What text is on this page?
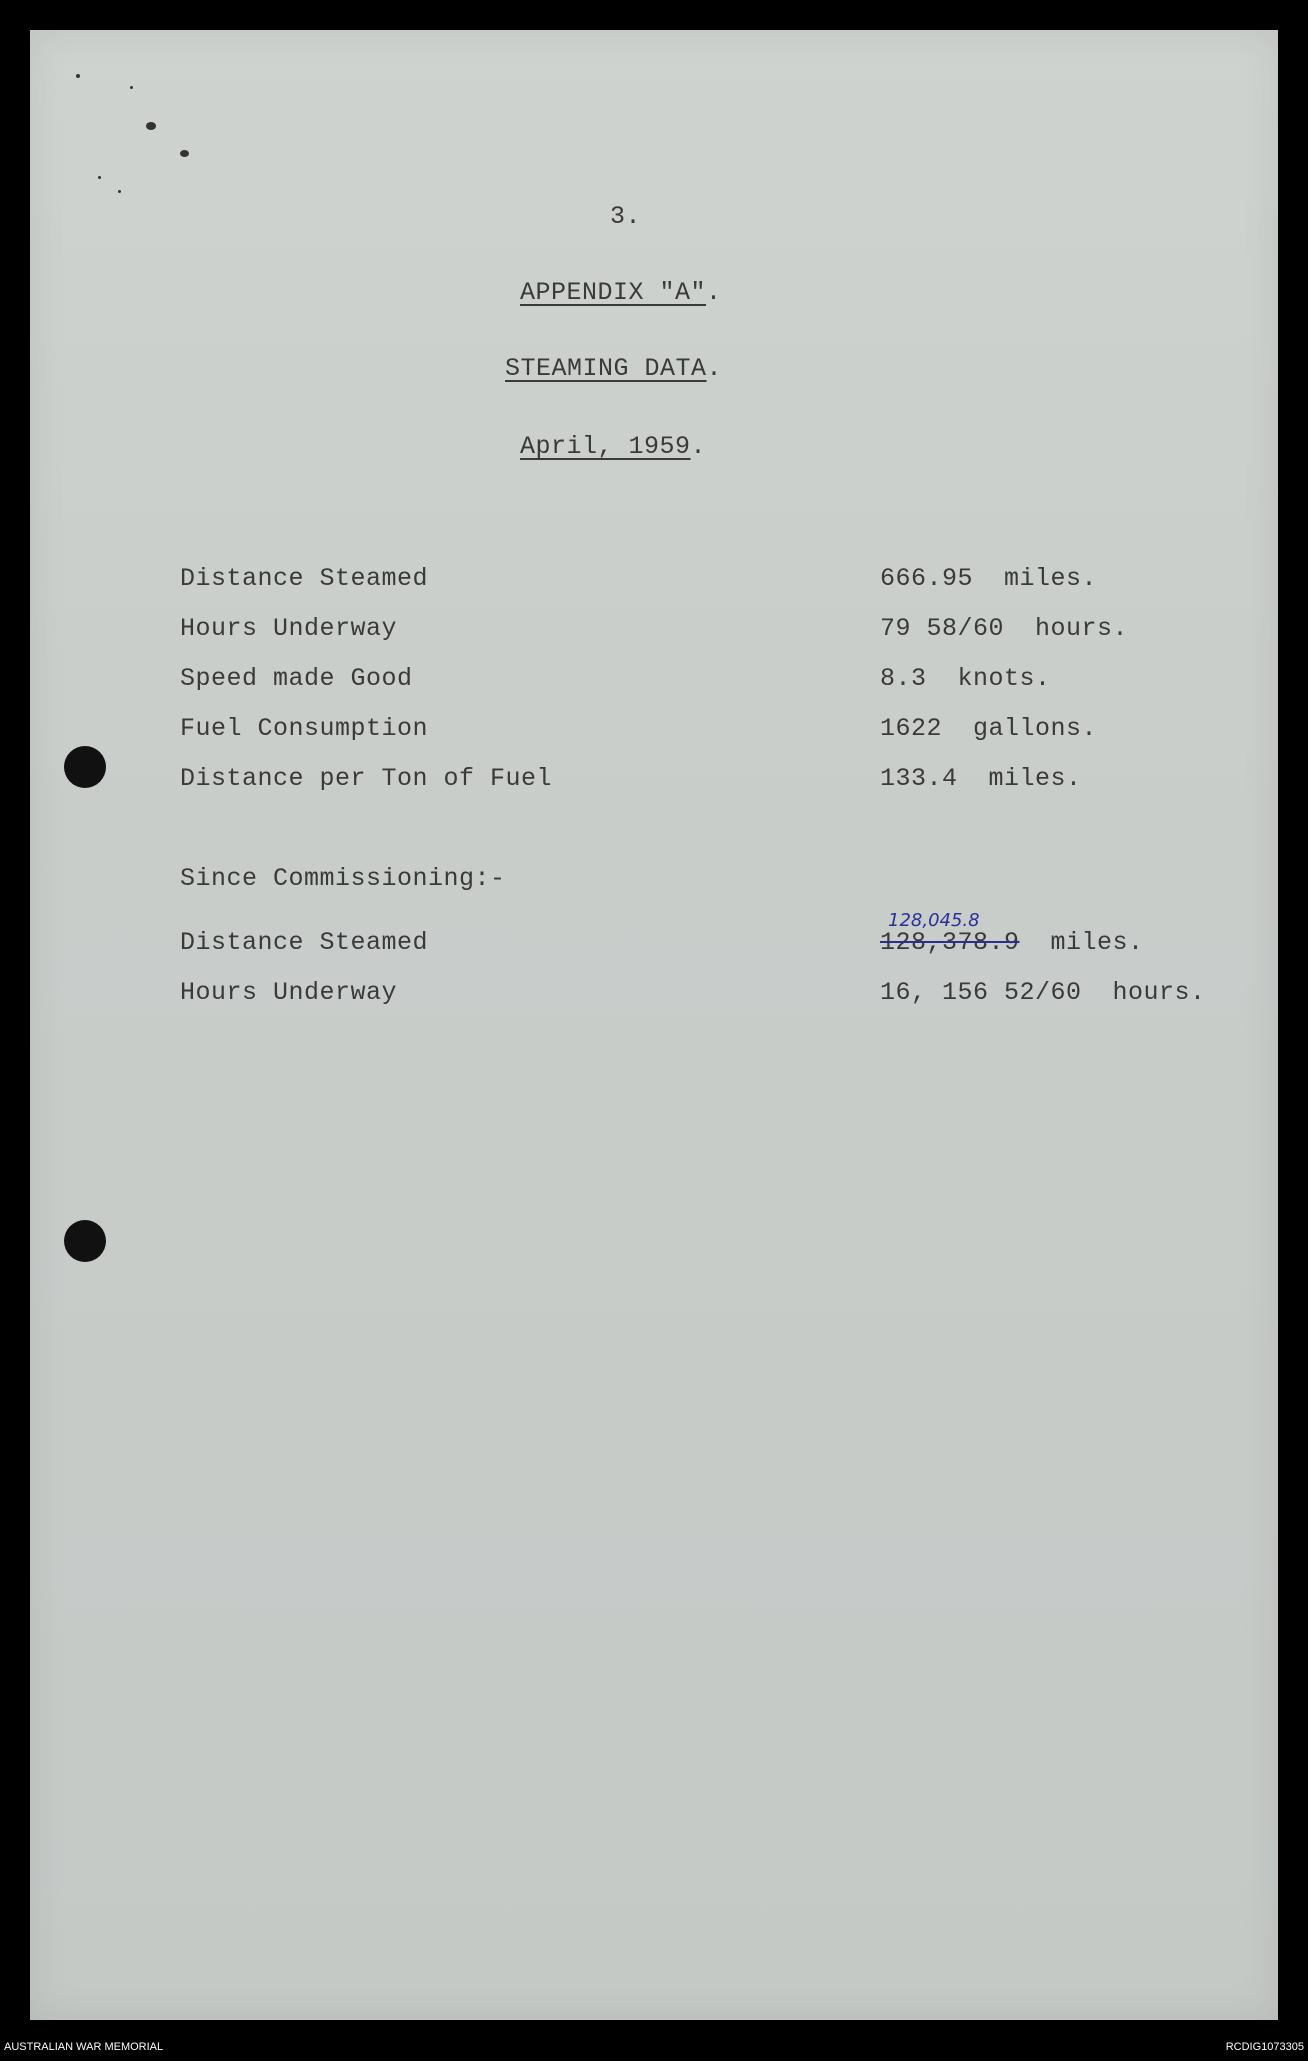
3.
APPENDIX "A".
STEAMING DATA.
April, 1959.
Distance Steamed	666.95  miles.
Hours Underway	79 58/60  hours.
Speed made Good	8.3  knots.
Fuel Consumption	1622  gallons.
Distance per Ton of Fuel	133.4  miles.
Since Commissioning:-
128,045.8
Distance Steamed	128,378.9  miles.
Hours Underway	16, 156 52/60  hours.
AUSTRALIAN WAR MEMORIAL	RCDIG1073305
